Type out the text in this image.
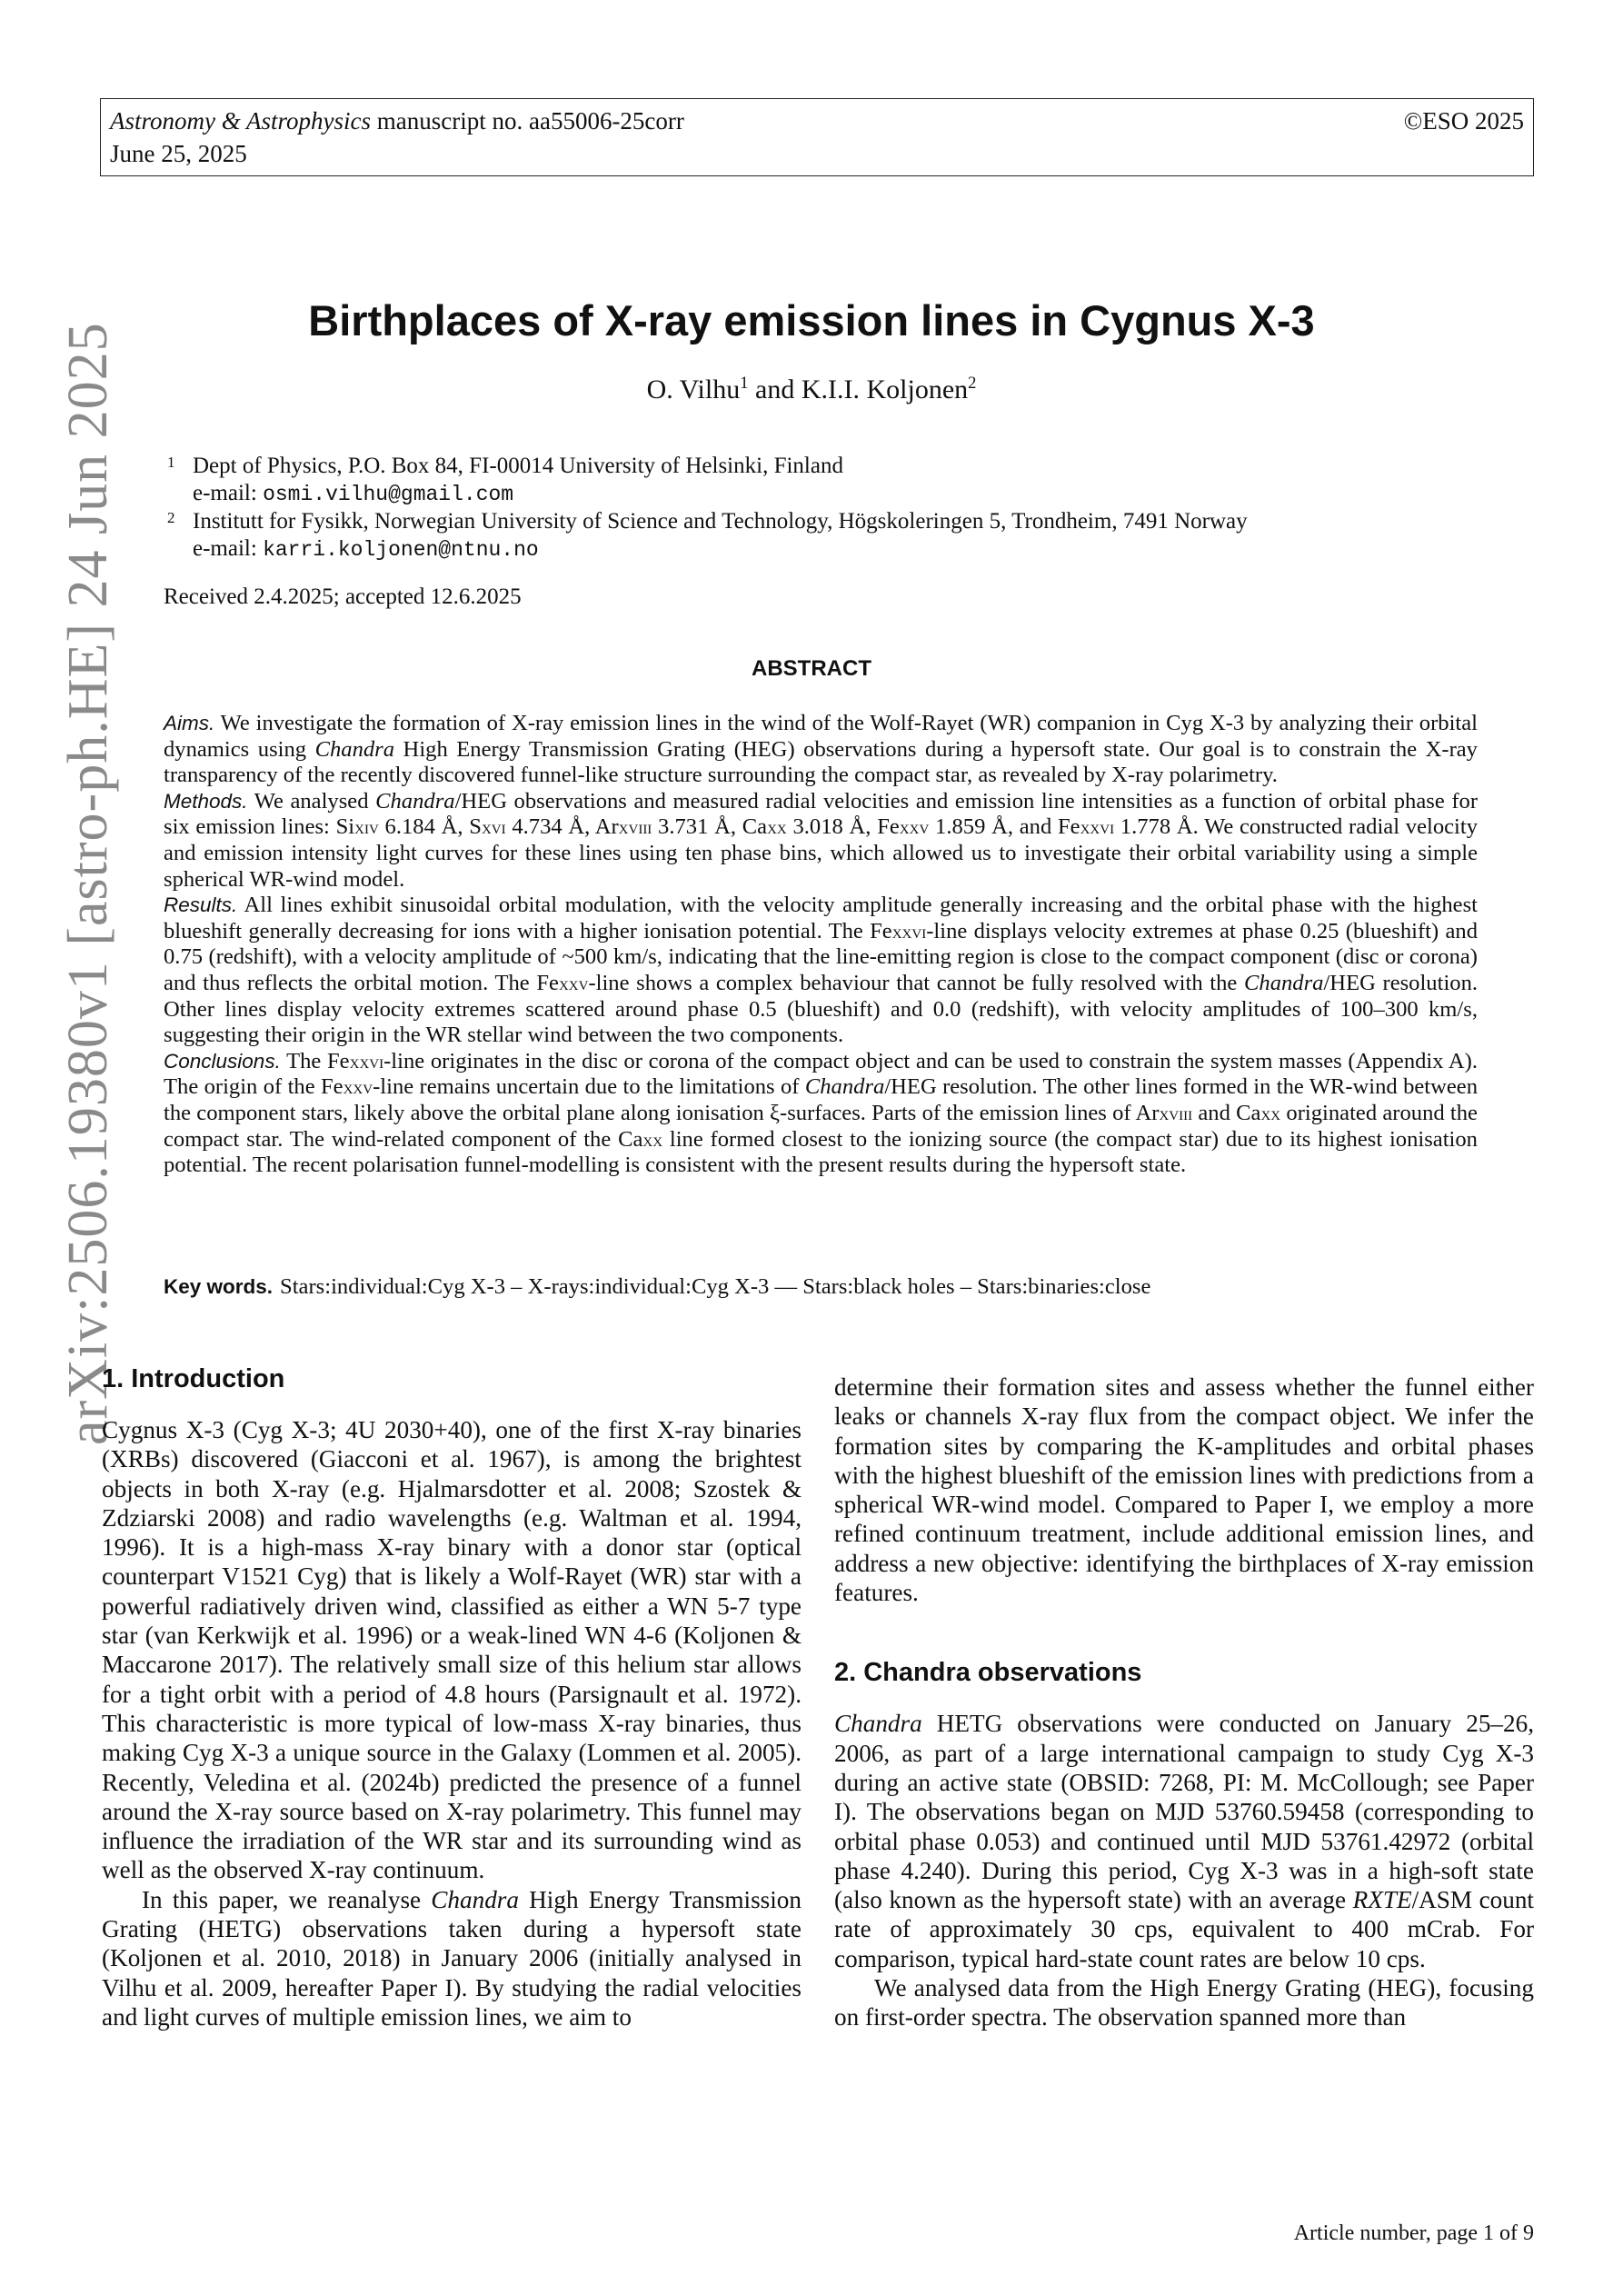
Astronomy & Astrophysics manuscript no. aa55006-25corr
June 25, 2025
©ESO 2025
arXiv:2506.19380v1 [astro-ph.HE] 24 Jun 2025
Birthplaces of X-ray emission lines in Cygnus X-3
O. Vilhu$^1$ and K.I.I. Koljonen$^2$
1 Dept of Physics, P.O. Box 84, FI-00014 University of Helsinki, Finland
e-mail: osmi.vilhu@gmail.com
2 Institutt for Fysikk, Norwegian University of Science and Technology, Högskoleringen 5, Trondheim, 7491 Norway
e-mail: karri.koljonen@ntnu.no
Received 2.4.2025; accepted 12.6.2025
ABSTRACT

Aims. We investigate the formation of X-ray emission lines in the wind of the Wolf-Rayet (WR) companion in Cyg X-3 by analyzing their orbital dynamics using Chandra High Energy Transmission Grating (HEG) observations during a hypersoft state. Our goal is to constrain the X-ray transparency of the recently discovered funnel-like structure surrounding the compact star, as revealed by X-ray polarimetry.

Methods. We analysed Chandra/HEG observations and measured radial velocities and emission line intensities as a function of orbital phase for six emission lines: Sixiv 6.184 Å, Sxvi 4.734 Å, Arxviii 3.731 Å, Caxx 3.018 Å, Fexxv 1.859 Å, and Fexxvi 1.778 Å. We constructed radial velocity and emission intensity light curves for these lines using ten phase bins, which allowed us to investigate their orbital variability using a simple spherical WR-wind model.

Results. All lines exhibit sinusoidal orbital modulation, with the velocity amplitude generally increasing and the orbital phase with the highest blueshift generally decreasing for ions with a higher ionisation potential. The Fexxvi-line displays velocity extremes at phase 0.25 (blueshift) and 0.75 (redshift), with a velocity amplitude of ~500 km/s, indicating that the line-emitting region is close to the compact component (disc or corona) and thus reflects the orbital motion. The Fexxv-line shows a complex behaviour that cannot be fully resolved with the Chandra/HEG resolution. Other lines display velocity extremes scattered around phase 0.5 (blueshift) and 0.0 (redshift), with velocity amplitudes of 100–300 km/s, suggesting their origin in the WR stellar wind between the two components.

Conclusions. The Fexxvi-line originates in the disc or corona of the compact object and can be used to constrain the system masses (Appendix A). The origin of the Fexxv-line remains uncertain due to the limitations of Chandra/HEG resolution. The other lines formed in the WR-wind between the component stars, likely above the orbital plane along ionisation ξ-surfaces. Parts of the emission lines of Arxviii and Caxx originated around the compact star. The wind-related component of the Caxx line formed closest to the ionizing source (the compact star) due to its highest ionisation potential. The recent polarisation funnel-modelling is consistent with the present results during the hypersoft state.

Key words. Stars:individual:Cyg X-3 – X-rays:individual:Cyg X-3 — Stars:black holes – Stars:binaries:close
1. Introduction

Cygnus X-3 (Cyg X-3; 4U 2030+40), one of the first X-ray binaries (XRBs) discovered (Giacconi et al. 1967), is among the brightest objects in both X-ray (e.g. Hjalmarsdotter et al. 2008; Szostek & Zdziarski 2008) and radio wavelengths (e.g. Waltman et al. 1994, 1996). It is a high-mass X-ray binary with a donor star (optical counterpart V1521 Cyg) that is likely a Wolf-Rayet (WR) star with a powerful radiatively driven wind, classified as either a WN 5-7 type star (van Kerkwijk et al. 1996) or a weak-lined WN 4-6 (Koljonen & Maccarone 2017). The relatively small size of this helium star allows for a tight orbit with a period of 4.8 hours (Parsignault et al. 1972). This characteristic is more typical of low-mass X-ray binaries, thus making Cyg X-3 a unique source in the Galaxy (Lommen et al. 2005). Recently, Veledina et al. (2024b) predicted the presence of a funnel around the X-ray source based on X-ray polarimetry. This funnel may influence the irradiation of the WR star and its surrounding wind as well as the observed X-ray continuum.

In this paper, we reanalyse Chandra High Energy Transmission Grating (HETG) observations taken during a hypersoft state (Koljonen et al. 2010, 2018) in January 2006 (initially analysed in Vilhu et al. 2009, hereafter Paper I). By studying the radial velocities and light curves of multiple emission lines, we aim to

determine their formation sites and assess whether the funnel either leaks or channels X-ray flux from the compact object. We infer the formation sites by comparing the K-amplitudes and orbital phases with the highest blueshift of the emission lines with predictions from a spherical WR-wind model. Compared to Paper I, we employ a more refined continuum treatment, include additional emission lines, and address a new objective: identifying the birthplaces of X-ray emission features.

2. Chandra observations

Chandra HETG observations were conducted on January 25–26, 2006, as part of a large international campaign to study Cyg X-3 during an active state (OBSID: 7268, PI: M. McCollough; see Paper I). The observations began on MJD 53760.59458 (corresponding to orbital phase 0.053) and continued until MJD 53761.42972 (orbital phase 4.240). During this period, Cyg X-3 was in a high-soft state (also known as the hypersoft state) with an average RXTE/ASM count rate of approximately 30 cps, equivalent to 400 mCrab. For comparison, typical hard-state count rates are below 10 cps.

We analysed data from the High Energy Grating (HEG), focusing on first-order spectra. The observation spanned more than

Article number, page 1 of 9
